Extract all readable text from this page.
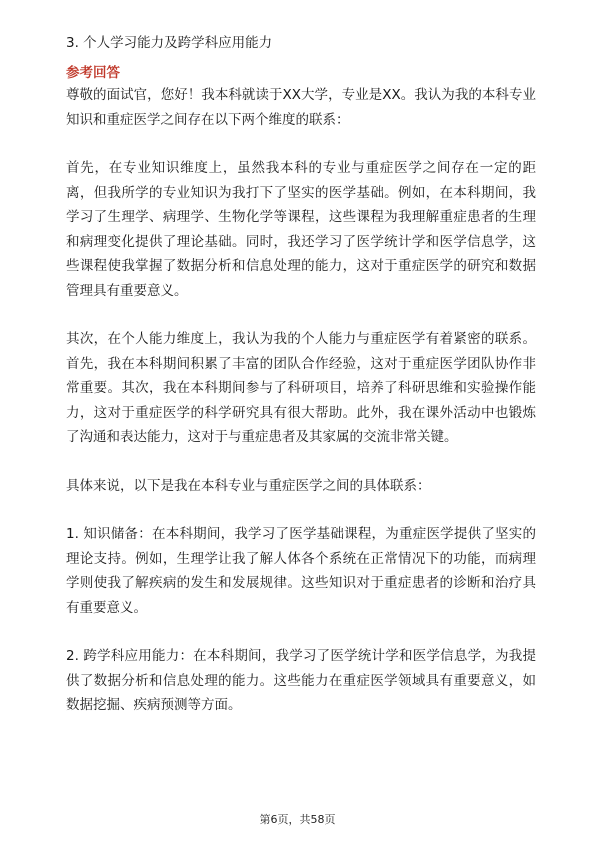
3. 个人学习能力及跨学科应用能力
参考回答

尊敬的面试官，您好！我本科就读于XX大学，专业是XX。我认为我的本科专业知识和重症医学之间存在以下两个维度的联系：

首先，在专业知识维度上，虽然我本科的专业与重症医学之间存在一定的距离，但我所学的专业知识为我打下了坚实的医学基础。例如，在本科期间，我学习了生理学、病理学、生物化学等课程，这些课程为我理解重症患者的生理和病理变化提供了理论基础。同时，我还学习了医学统计学和医学信息学，这些课程使我掌握了数据分析和信息处理的能力，这对于重症医学的研究和数据管理具有重要意义。

其次，在个人能力维度上，我认为我的个人能力与重症医学有着紧密的联系。首先，我在本科期间积累了丰富的团队合作经验，这对于重症医学团队协作非常重要。其次，我在本科期间参与了科研项目，培养了科研思维和实验操作能力，这对于重症医学的科学研究具有很大帮助。此外，我在课外活动中也锻炼了沟通和表达能力，这对于与重症患者及其家属的交流非常关键。

具体来说，以下是我在本科专业与重症医学之间的具体联系：

1. 知识储备：在本科期间，我学习了医学基础课程，为重症医学提供了坚实的理论支持。例如，生理学让我了解人体各个系统在正常情况下的功能，而病理学则使我了解疾病的发生和发展规律。这些知识对于重症患者的诊断和治疗具有重要意义。

2. 跨学科应用能力：在本科期间，我学习了医学统计学和医学信息学，为我提供了数据分析和信息处理的能力。这些能力在重症医学领域具有重要意义，如数据挖掘、疾病预测等方面。

第6页，共58页
